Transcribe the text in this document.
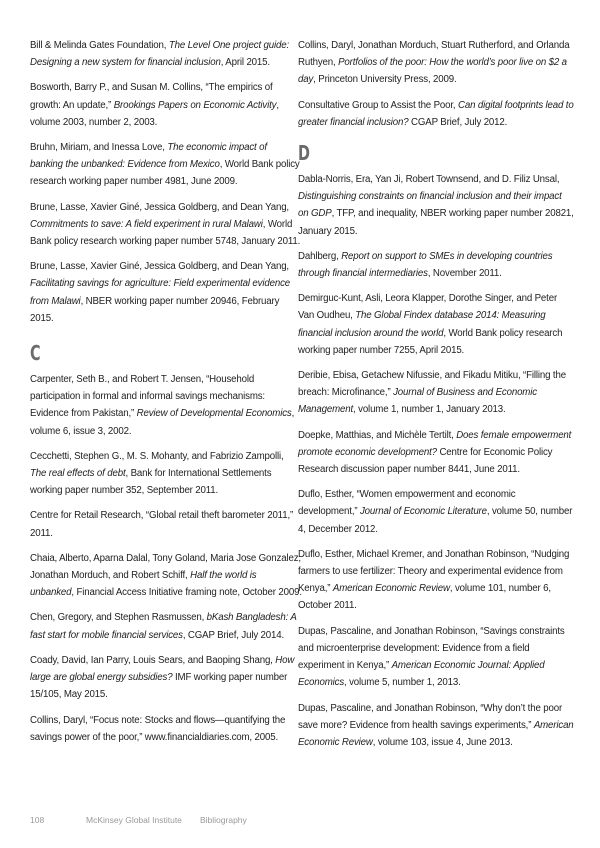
Bill & Melinda Gates Foundation, The Level One project guide: Designing a new system for financial inclusion, April 2015.

Bosworth, Barry P., and Susan M. Collins, “The empirics of growth: An update,” Brookings Papers on Economic Activity, volume 2003, number 2, 2003.

Bruhn, Miriam, and Inessa Love, The economic impact of banking the unbanked: Evidence from Mexico, World Bank policy research working paper number 4981, June 2009.

Brune, Lasse, Xavier Giné, Jessica Goldberg, and Dean Yang, Commitments to save: A field experiment in rural Malawi, World Bank policy research working paper number 5748, January 2011.

Brune, Lasse, Xavier Giné, Jessica Goldberg, and Dean Yang, Facilitating savings for agriculture: Field experimental evidence from Malawi, NBER working paper number 20946, February 2015.

C

Carpenter, Seth B., and Robert T. Jensen, “Household participation in formal and informal savings mechanisms: Evidence from Pakistan,” Review of Developmental Economics, volume 6, issue 3, 2002.

Cecchetti, Stephen G., M. S. Mohanty, and Fabrizio Zampolli, The real effects of debt, Bank for International Settlements working paper number 352, September 2011.

Centre for Retail Research, “Global retail theft barometer 2011,” 2011.

Chaia, Alberto, Aparna Dalal, Tony Goland, Maria Jose Gonzalez, Jonathan Morduch, and Robert Schiff, Half the world is unbanked, Financial Access Initiative framing note, October 2009.

Chen, Gregory, and Stephen Rasmussen, bKash Bangladesh: A fast start for mobile financial services, CGAP Brief, July 2014.

Coady, David, Ian Parry, Louis Sears, and Baoping Shang, How large are global energy subsidies? IMF working paper number 15/105, May 2015.

Collins, Daryl, “Focus note: Stocks and flows—quantifying the savings power of the poor,” www.financialdiaries.com, 2005.

Collins, Daryl, Jonathan Morduch, Stuart Rutherford, and Orlanda Ruthyen, Portfolios of the poor: How the world’s poor live on $2 a day, Princeton University Press, 2009.

Consultative Group to Assist the Poor, Can digital footprints lead to greater financial inclusion? CGAP Brief, July 2012.

D

Dabla-Norris, Era, Yan Ji, Robert Townsend, and D. Filiz Unsal, Distinguishing constraints on financial inclusion and their impact on GDP, TFP, and inequality, NBER working paper number 20821, January 2015.

Dahlberg, Report on support to SMEs in developing countries through financial intermediaries, November 2011.

Demirguc-Kunt, Asli, Leora Klapper, Dorothe Singer, and Peter Van Oudheu, The Global Findex database 2014: Measuring financial inclusion around the world, World Bank policy research working paper number 7255, April 2015.

Deribie, Ebisa, Getachew Nifussie, and Fikadu Mitiku, “Filling the breach: Microfinance,” Journal of Business and Economic Management, volume 1, number 1, January 2013.

Doepke, Matthias, and Michèle Tertilt, Does female empowerment promote economic development? Centre for Economic Policy Research discussion paper number 8441, June 2011.

Duflo, Esther, “Women empowerment and economic development,” Journal of Economic Literature, volume 50, number 4, December 2012.

Duflo, Esther, Michael Kremer, and Jonathan Robinson, “Nudging farmers to use fertilizer: Theory and experimental evidence from Kenya,” American Economic Review, volume 101, number 6, October 2011.

Dupas, Pascaline, and Jonathan Robinson, “Savings constraints and microenterprise development: Evidence from a field experiment in Kenya,” American Economic Journal: Applied Economics, volume 5, number 1, 2013.

Dupas, Pascaline, and Jonathan Robinson, “Why don’t the poor save more? Evidence from health savings experiments,” American Economic Review, volume 103, issue 4, June 2013.

108	McKinsey Global Institute	Bibliography
